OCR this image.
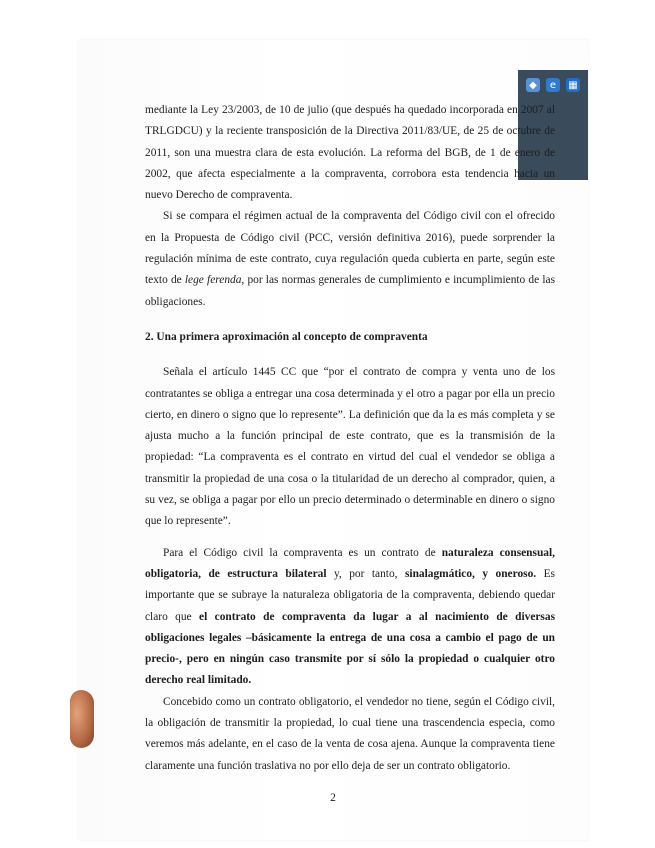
◆	e	▦

mediante la Ley 23/2003, de 10 de julio (que después ha quedado incorporada en 2007 al TRLGDCU) y la reciente transposición de la Directiva 2011/83/UE, de 25 de octubre de 2011, son una muestra clara de esta evolución. La reforma del BGB, de 1 de enero de 2002, que afecta especialmente a la compraventa, corrobora esta tendencia hacia un nuevo Derecho de compraventa.

Si se compara el régimen actual de la compraventa del Código civil con el ofrecido en la Propuesta de Código civil (PCC, versión definitiva 2016), puede sorprender la regulación mínima de este contrato, cuya regulación queda cubierta en parte, según este texto de lege ferenda, por las normas generales de cumplimiento e incumplimiento de las obligaciones.

2. Una primera aproximación al concepto de compraventa

Señala el artículo 1445 CC que “por el contrato de compra y venta uno de los contratantes se obliga a entregar una cosa determinada y el otro a pagar por ella un precio cierto, en dinero o signo que lo represente”. La definición que da la es más completa y se ajusta mucho a la función principal de este contrato, que es la transmisión de la propiedad: “La compraventa es el contrato en virtud del cual el vendedor se obliga a transmitir la propiedad de una cosa o la titularidad de un derecho al comprador, quien, a su vez, se obliga a pagar por ello un precio determinado o determinable en dinero o signo que lo represente”.

Para el Código civil la compraventa es un contrato de naturaleza consensual, obligatoria, de estructura bilateral y, por tanto, sinalagmático, y oneroso. Es importante que se subraye la naturaleza obligatoria de la compraventa, debiendo quedar claro que el contrato de compraventa da lugar a al nacimiento de diversas obligaciones legales –básicamente la entrega de una cosa a cambio el pago de un precio-, pero en ningún caso transmite por sí sólo la propiedad o cualquier otro derecho real limitado.

Concebido como un contrato obligatorio, el vendedor no tiene, según el Código civil, la obligación de transmitir la propiedad, lo cual tiene una trascendencia especia, como veremos más adelante, en el caso de la venta de cosa ajena. Aunque la compraventa tiene claramente una función traslativa no por ello deja de ser un contrato obligatorio.

2
